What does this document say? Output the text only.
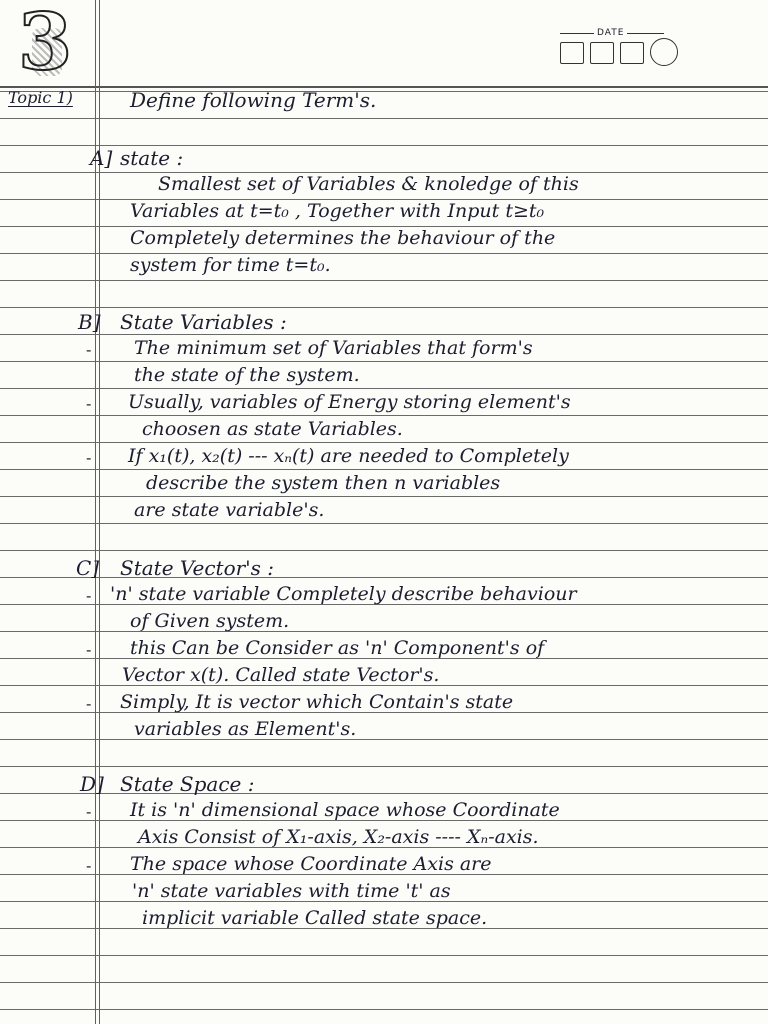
3	DATE
Topic 1)	Define following Term's.
A] state :
Smallest set of Variables & knoledge of this
Variables at t=t₀ , Together with Input t≥t₀
Completely determines the behaviour of the
system for time t=t₀.
B] State Variables :
- The minimum set of Variables that form's
the state of the system.
- Usually, variables of Energy storing element's
choosen as state Variables.
- If x₁(t), x₂(t) --- xₙ(t) are needed to Completely
describe the system then n variables
are state variable's.
C] State Vector's :
- 'n' state variable Completely describe behaviour
of Given system.
- this Can be Consider as 'n' Component's of
Vector x(t). Called state Vector's.
- Simply, It is vector which Contain's state
variables as Element's.
D] State Space :
- It is 'n' dimensional space whose Coordinate
Axis Consist of X₁-axis, X₂-axis ---- Xₙ-axis.
- The space whose Coordinate Axis are
'n' state variables with time 't' as
implicit variable Called state space.
